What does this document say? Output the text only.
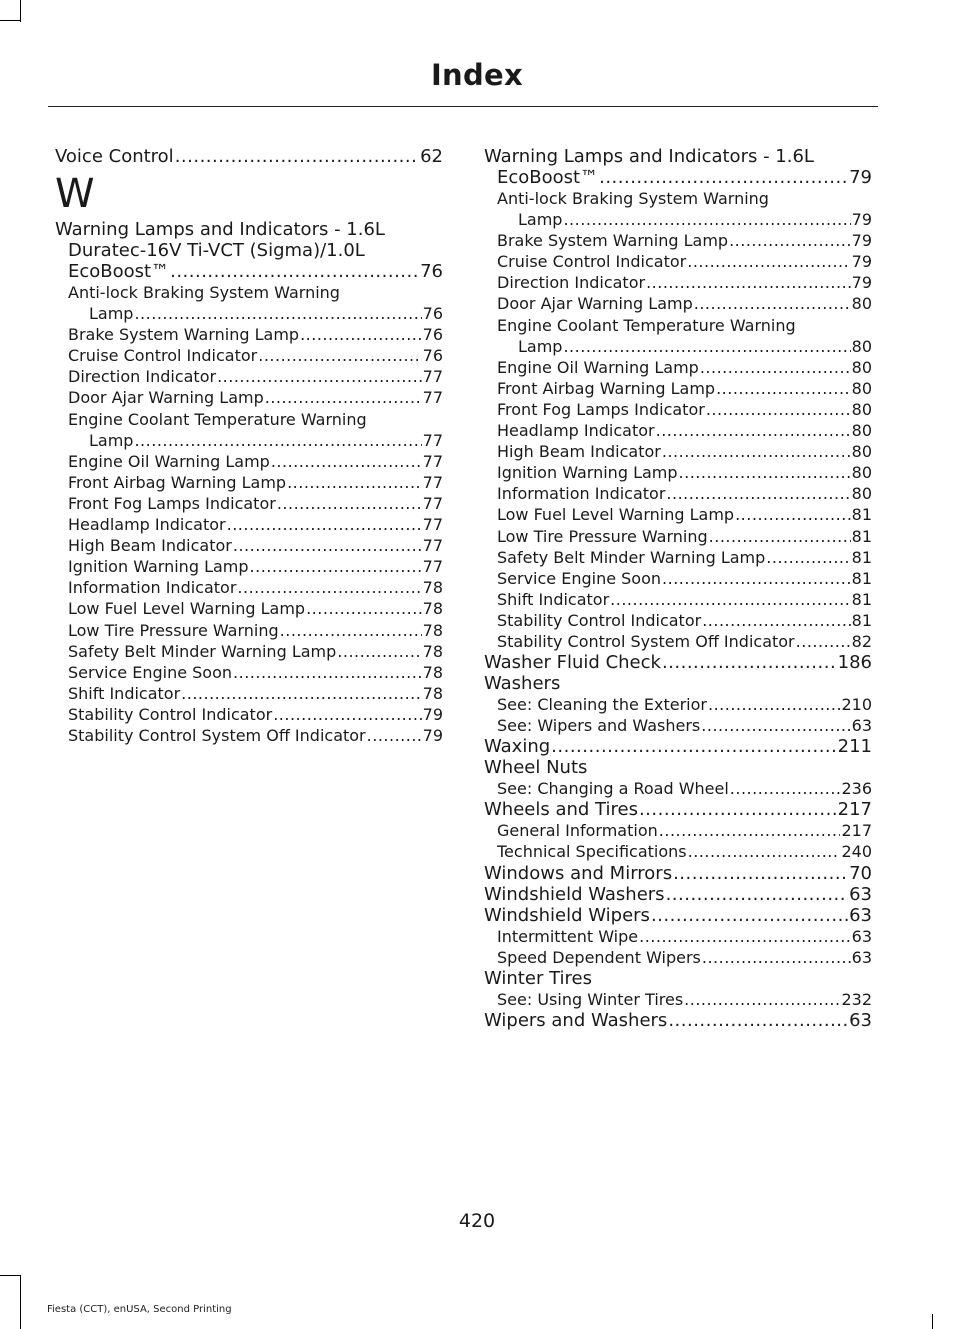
Index
Voice Control .....	62
W
Warning Lamps and Indicators - 1.6L
Duratec-16V Ti-VCT (Sigma)/1.0L
EcoBoost™ .....	76
Anti-lock Braking System Warning
Lamp .....	76
Brake System Warning Lamp .....	76
Cruise Control Indicator .....	76
Direction Indicator .....	77
Door Ajar Warning Lamp .....	77
Engine Coolant Temperature Warning
Lamp .....	77
Engine Oil Warning Lamp .....	77
Front Airbag Warning Lamp .....	77
Front Fog Lamps Indicator .....	77
Headlamp Indicator .....	77
High Beam Indicator .....	77
Ignition Warning Lamp .....	77
Information Indicator .....	78
Low Fuel Level Warning Lamp .....	78
Low Tire Pressure Warning .....	78
Safety Belt Minder Warning Lamp .....	78
Service Engine Soon .....	78
Shift Indicator .....	78
Stability Control Indicator .....	79
Stability Control System Off Indicator .....	79
Warning Lamps and Indicators - 1.6L
EcoBoost™ .....	79
Anti-lock Braking System Warning
Lamp .....	79
Brake System Warning Lamp .....	79
Cruise Control Indicator .....	79
Direction Indicator .....	79
Door Ajar Warning Lamp .....	80
Engine Coolant Temperature Warning
Lamp .....	80
Engine Oil Warning Lamp .....	80
Front Airbag Warning Lamp .....	80
Front Fog Lamps Indicator .....	80
Headlamp Indicator .....	80
High Beam Indicator .....	80
Ignition Warning Lamp .....	80
Information Indicator .....	80
Low Fuel Level Warning Lamp .....	81
Low Tire Pressure Warning .....	81
Safety Belt Minder Warning Lamp .....	81
Service Engine Soon .....	81
Shift Indicator .....	81
Stability Control Indicator .....	81
Stability Control System Off Indicator .....	82
Washer Fluid Check .....	186
Washers
See: Cleaning the Exterior .....	210
See: Wipers and Washers .....	63
Waxing .....	211
Wheel Nuts
See: Changing a Road Wheel .....	236
Wheels and Tires .....	217
General Information .....	217
Technical Specifications .....	240
Windows and Mirrors .....	70
Windshield Washers .....	63
Windshield Wipers .....	63
Intermittent Wipe .....	63
Speed Dependent Wipers .....	63
Winter Tires
See: Using Winter Tires .....	232
Wipers and Washers .....	63
420
Fiesta (CCT), enUSA, Second Printing
